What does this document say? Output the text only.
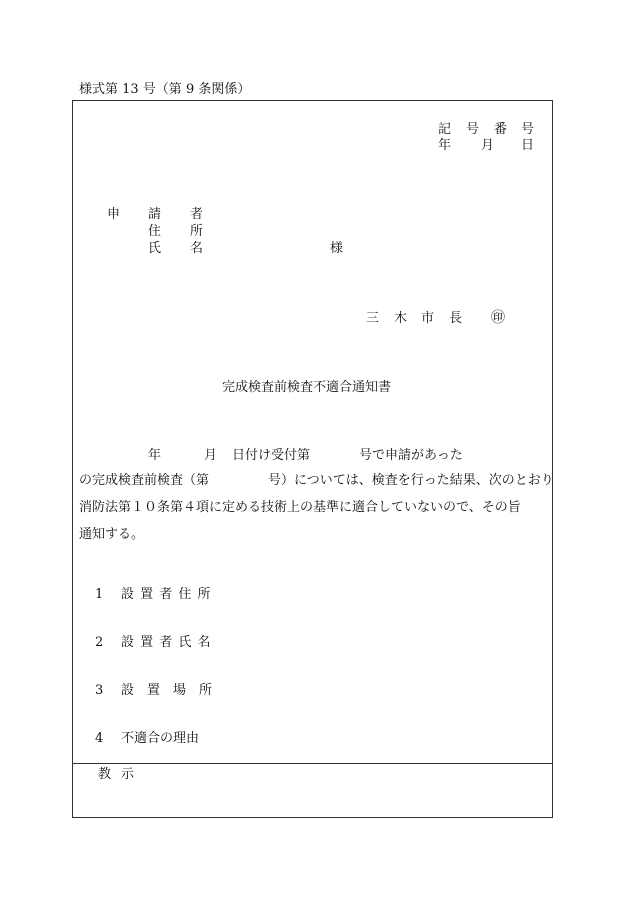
様式第 13 号（第 9 条関係）
記 号 番 号
年 月 日
申 請 者
住 所
氏 名	様
三 木 市 長 ㊞
完成検査前検査不適合通知書
年	月 日付け受付第	号で申請があった
の完成検査前検査（第	号）については、検査を行った結果、次のとおり
消防法第１０条第４項に定める技術上の基準に適合していないので、その旨
通知する。
1 設 置 者 住 所
2 設 置 者 氏 名
3 設　置　場　所
4 不適合の理由
教 示
